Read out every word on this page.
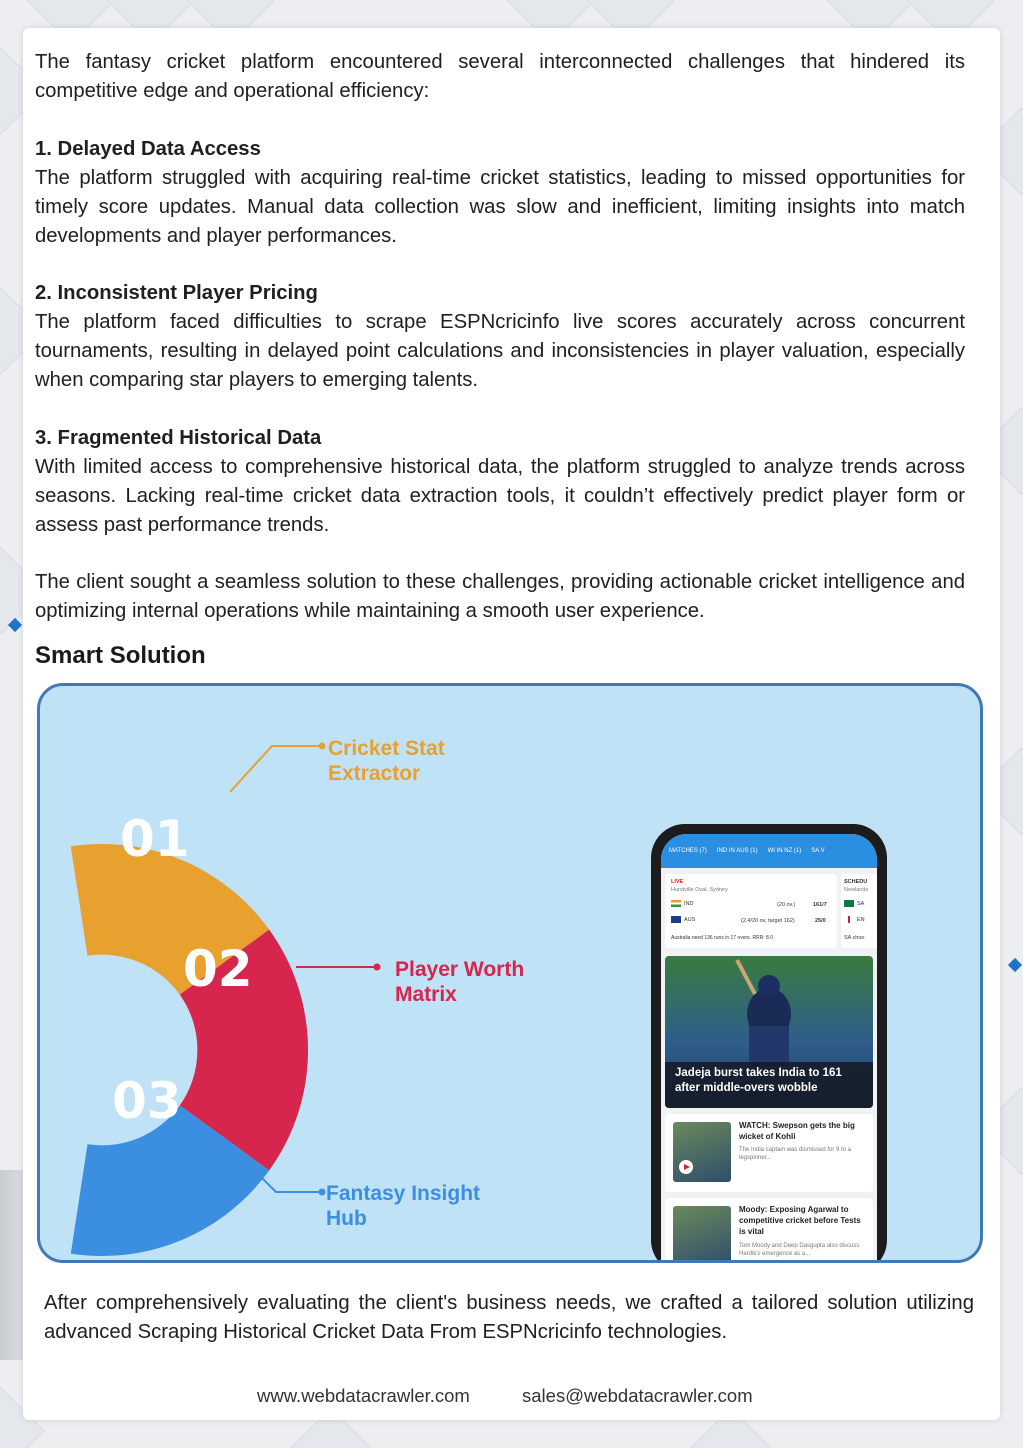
The fantasy cricket platform encountered several interconnected challenges that hindered its competitive edge and operational efficiency:

1. Delayed Data Access

The platform struggled with acquiring real-time cricket statistics, leading to missed opportunities for timely score updates. Manual data collection was slow and inefficient, limiting insights into match developments and player performances.

2. Inconsistent Player Pricing

The platform faced difficulties to scrape ESPNcricinfo live scores accurately across concurrent tournaments, resulting in delayed point calculations and inconsistencies in player valuation, especially when comparing star players to emerging talents.

3. Fragmented Historical Data

With limited access to comprehensive historical data, the platform struggled to analyze trends across seasons. Lacking real-time cricket data extraction tools, it couldn’t effectively predict player form or assess past performance trends.

The client sought a seamless solution to these challenges, providing actionable cricket intelligence and optimizing internal operations while maintaining a smooth user experience.

Smart Solution
01
02
03
Cricket Stat
Extractor
Player Worth
Matrix
Fantasy Insight
Hub
MATCHES (7) IND IN AUS (1) WI IN NZ (1) SA V
LIVE
Hurstville Oval, Sydney
IND	(20 ov.)	161/7
AUS	(2.4/20 ov, target 162)	25/0
Australia need 136 runs in 17 overs. RRR: 8.0
SCHEDU
Newlands
SA
EN
SA choo
Jadeja burst takes India to 161 after middle-overs wobble
WATCH: Swepson gets the big wicket of Kohli
The India captain was dismissed for 9 to a legspinner...
Moody: Exposing Agarwal to competitive cricket before Tests is vital
Tom Moody and Deep Dasgupta also discuss Hardik's emergence as a...

After comprehensively evaluating the client's business needs, we crafted a tailored solution utilizing advanced Scraping Historical Cricket Data From ESPNcricinfo technologies.

www.webdatacrawler.com	sales@webdatacrawler.com
